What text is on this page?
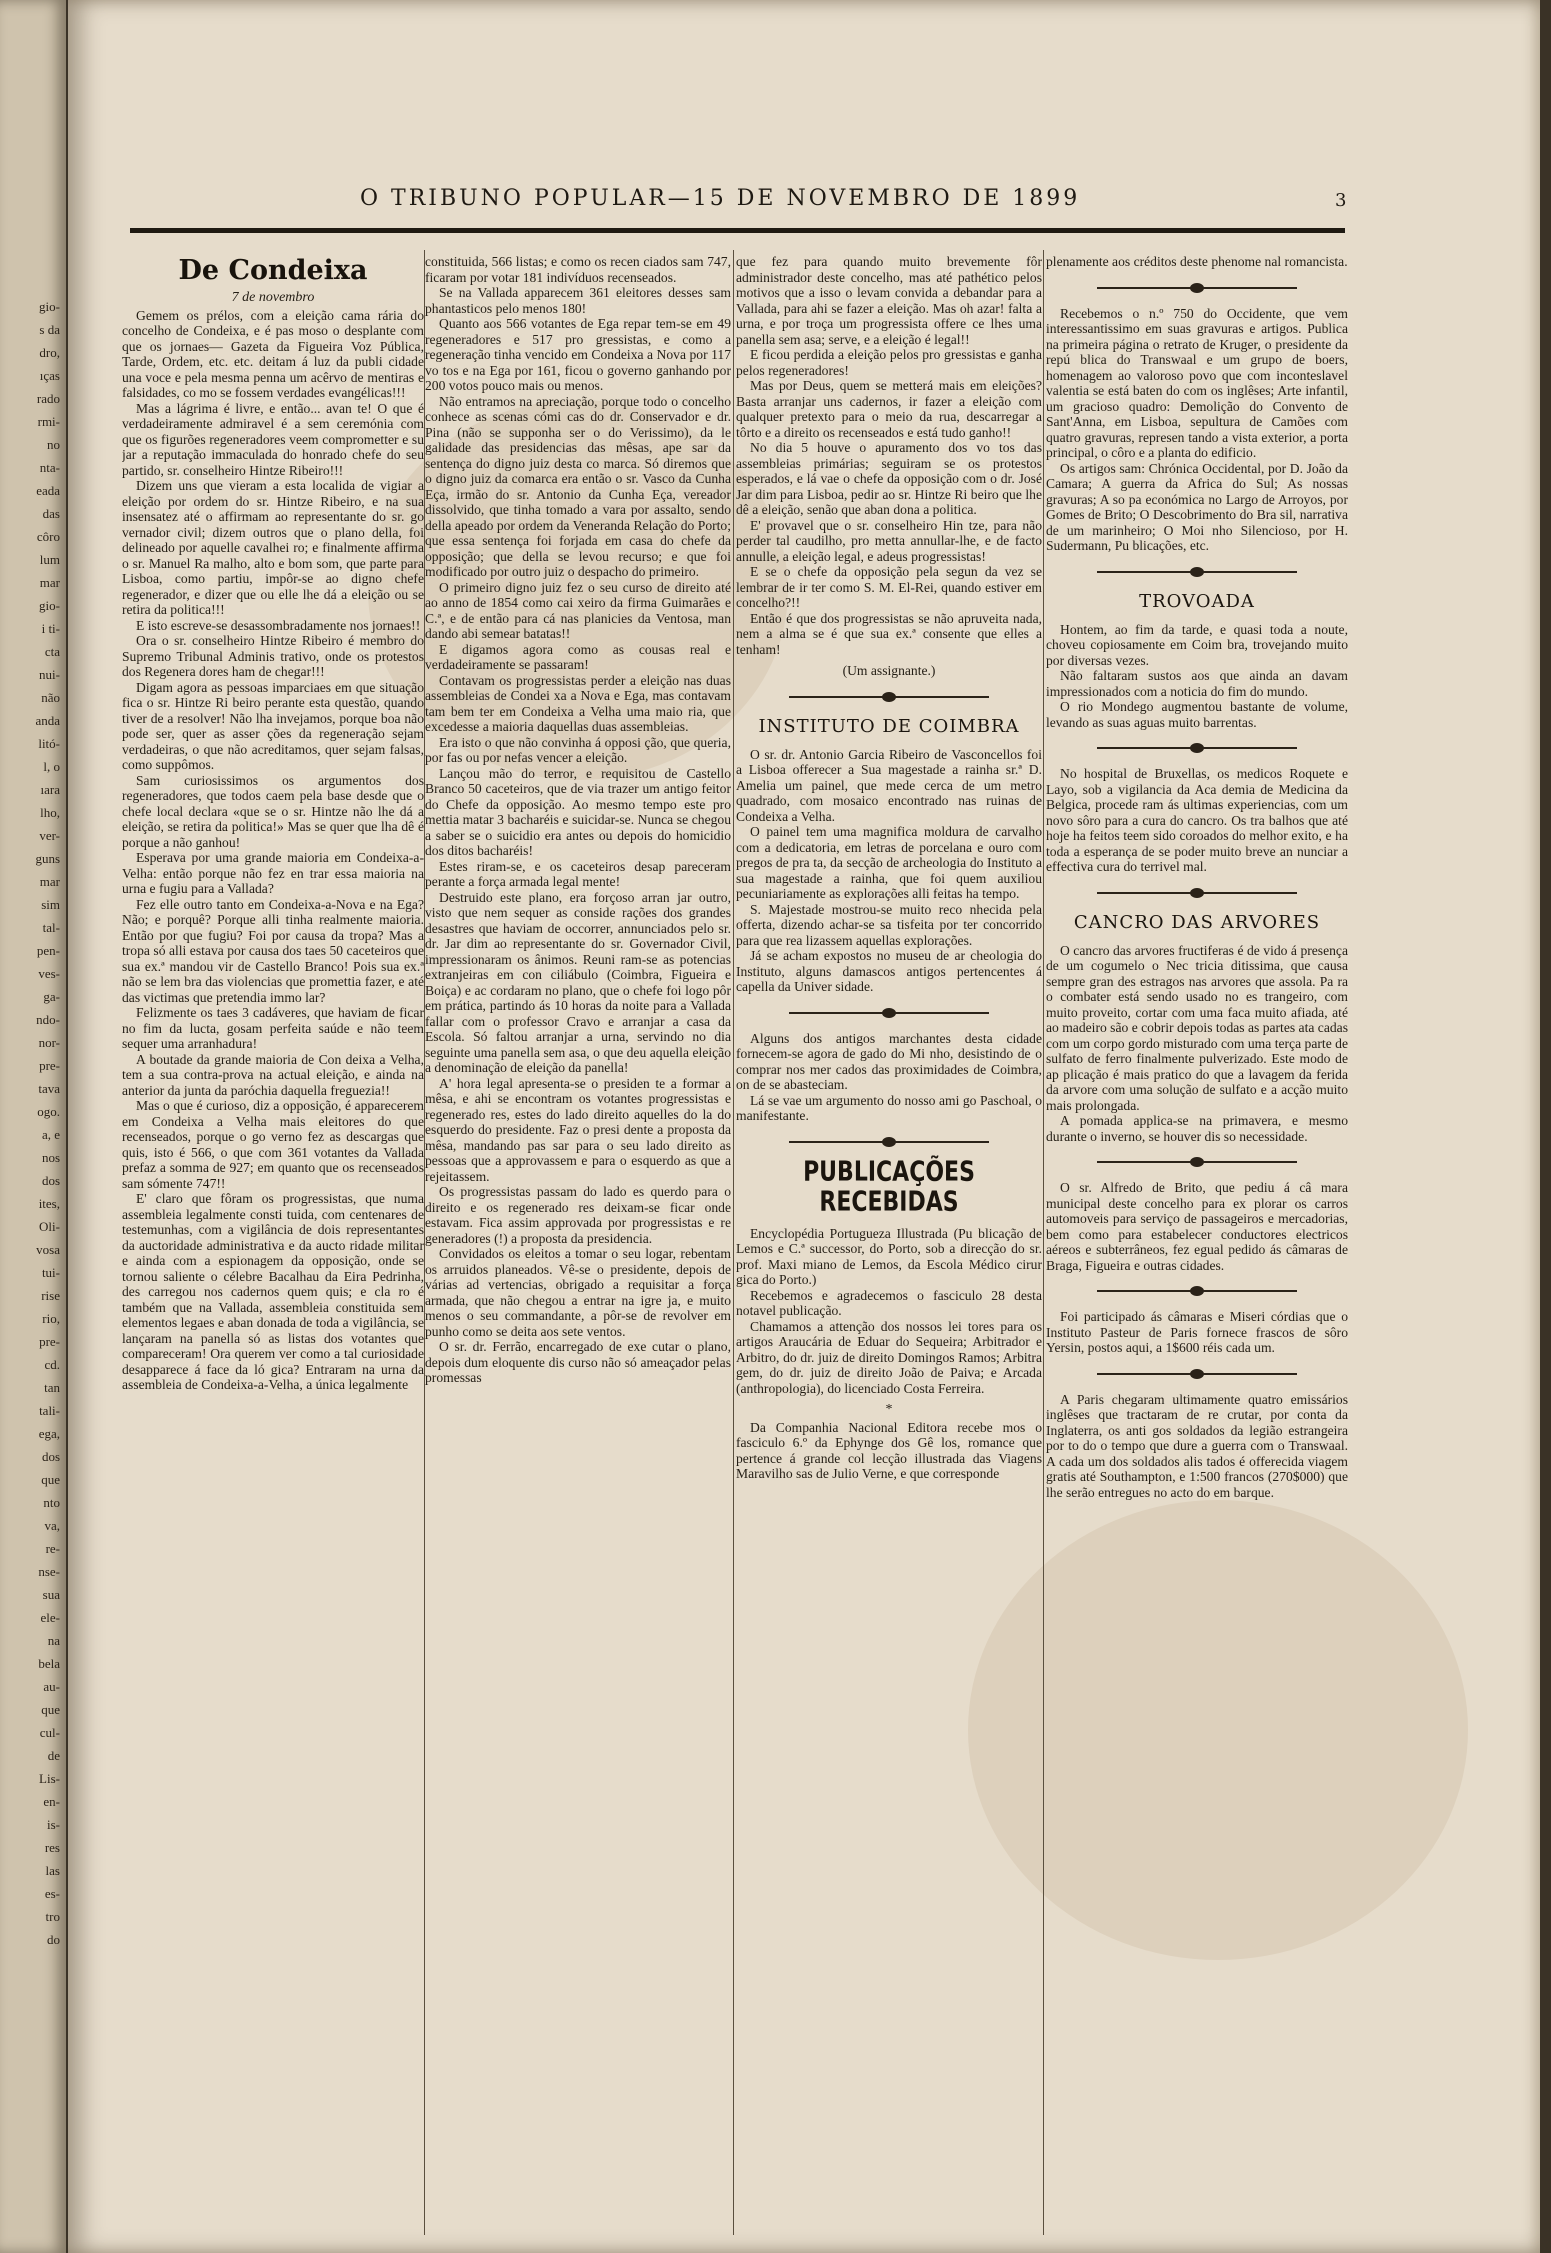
gio-
s da
dro,
ıças
rado
rmi-
no
nta-
eada
das
côro
lum
mar
gio-
i ti-
cta
nui-
não
anda
litó-
l, o
ıara
lho,
ver-
guns
mar
sim
tal-
pen-
ves-
ga-
ndo-
nor-
pre-
tava
ogo.
a, e
nos
dos
ites,
Oli-
vosa
tui-
rise
rio,
pre-
cd.
tan
tali-
ega,
dos
que
nto
va,
re-
nse-
sua
ele-
na
bela
au-
que
cul-
de
Lis-
en-
is-
res
las
es-
tro
do
O TRIBUNO POPULAR—15 DE NOVEMBRO DE 1899	3
De Condeixa
7 de novembro

Gemem os prélos, com a eleição cama rária do concelho de Condeixa, e é pas moso o desplante com que os jornaes— Gazeta da Figueira Voz Pública, Tarde, Ordem, etc. etc. deitam á luz da publi cidade una voce e pela mesma penna um acêrvo de mentiras e falsidades, co mo se fossem verdades evangélicas!!!

Mas a lágrima é livre, e então... avan te! O que é verdadeiramente admiravel é a sem ceremónia com que os figurões regeneradores veem comprometter e su jar a reputação immaculada do honrado chefe do seu partido, sr. conselheiro Hintze Ribeiro!!!

Dizem uns que vieram a esta localida de vigiar a eleição por ordem do sr. Hintze Ribeiro, e na sua insensatez até o affirmam ao representante do sr. go vernador civil; dizem outros que o plano della, foi delineado por aquelle cavalhei ro; e finalmente affirma o sr. Manuel Ra malho, alto e bom som, que parte para Lisboa, como partiu, impôr-se ao digno chefe regenerador, e dizer que ou elle lhe dá a eleição ou se retira da politica!!!

E isto escreve-se desassombradamente nos jornaes!!

Ora o sr. conselheiro Hintze Ribeiro é membro do Supremo Tribunal Adminis trativo, onde os protestos dos Regenera dores ham de chegar!!!

Digam agora as pessoas imparciaes em que situação fica o sr. Hintze Ri beiro perante esta questão, quando tiver de a resolver! Não lha invejamos, porque boa não pode ser, quer as asser ções da regeneração sejam verdadeiras, o que não acreditamos, quer sejam falsas, como suppômos.

Sam curiosissimos os argumentos dos regeneradores, que todos caem pela base desde que o chefe local declara «que se o sr. Hintze não lhe dá a eleição, se retira da politica!» Mas se quer que lha dê é porque a não ganhou!

Esperava por uma grande maioria em Condeixa-a-Velha: então porque não fez en trar essa maioria na urna e fugiu para a Vallada?

Fez elle outro tanto em Condeixa-a-Nova e na Ega? Não; e porquê? Porque alli tinha realmente maioria. Então por que fugiu? Foi por causa da tropa? Mas a tropa só alli estava por causa dos taes 50 caceteiros que sua ex.ª mandou vir de Castello Branco! Pois sua ex.ª não se lem bra das violencias que promettia fazer, e até das victimas que pretendia immo lar?

Felizmente os taes 3 cadáveres, que haviam de ficar no fim da lucta, gosam perfeita saúde e não teem sequer uma arranhadura!

A boutade da grande maioria de Con deixa a Velha, tem a sua contra-prova na actual eleição, e ainda na anterior da junta da paróchia daquella freguezia!!

Mas o que é curioso, diz a opposição, é apparecerem em Condeixa a Velha mais eleitores do que recenseados, porque o go verno fez as descargas que quis, isto é 566, o que com 361 votantes da Vallada prefaz a somma de 927; em quanto que os recenseados sam sómente 747!!

E' claro que fôram os progressistas, que numa assembleia legalmente consti tuida, com centenares de testemunhas, com a vigilância de dois representantes da auctoridade administrativa e da aucto ridade militar e ainda com a espionagem da opposição, onde se tornou saliente o célebre Bacalhau da Eira Pedrinha, des carregou nos cadernos quem quis; e cla ro é também que na Vallada, assembleia constituida sem elementos legaes e aban donada de toda a vigilância, se lançaram na panella só as listas dos votantes que compareceram! Ora querem ver como a tal curiosidade desapparece á face da ló gica? Entraram na urna da assembleia de Condeixa-a-Velha, a única legalmente

constituida, 566 listas; e como os recen ciados sam 747, ficaram por votar 181 indivíduos recenseados.

Se na Vallada apparecem 361 eleitores desses sam phantasticos pelo menos 180!

Quanto aos 566 votantes de Ega repar tem-se em 49 regeneradores e 517 pro gressistas, e como a regeneração tinha vencido em Condeixa a Nova por 117 vo tos e na Ega por 161, ficou o governo ganhando por 200 votos pouco mais ou menos.

Não entramos na apreciação, porque todo o concelho conhece as scenas cómi cas do dr. Conservador e dr. Pina (não se supponha ser o do Verissimo), da le galidade das presidencias das mêsas, ape sar da sentença do digno juiz desta co marca. Só diremos que o digno juiz da comarca era então o sr. Vasco da Cunha Eça, irmão do sr. Antonio da Cunha Eça, vereador dissolvido, que tinha tomado a vara por assalto, sendo della apeado por ordem da Veneranda Relação do Porto; que essa sentença foi forjada em casa do chefe da opposição; que della se levou recurso; e que foi modificado por outro juiz o despacho do primeiro.

O primeiro digno juiz fez o seu curso de direito até ao anno de 1854 como cai xeiro da firma Guimarães e C.ª, e de então para cá nas planicies da Ventosa, man dando abi semear batatas!!

E digamos agora como as cousas real e verdadeiramente se passaram!

Contavam os progressistas perder a eleição nas duas assembleias de Condei xa a Nova e Ega, mas contavam tam bem ter em Condeixa a Velha uma maio ria, que excedesse a maioria daquellas duas assembleias.

Era isto o que não convinha á opposi ção, que queria, por fas ou por nefas vencer a eleição.

Lançou mão do terror, e requisitou de Castello Branco 50 caceteiros, que de via trazer um antigo feitor do Chefe da opposição. Ao mesmo tempo este pro mettia matar 3 bacharéis e suicidar-se. Nunca se chegou a saber se o suicidio era antes ou depois do homicidio dos ditos bacharéis!

Estes riram-se, e os caceteiros desap pareceram perante a força armada legal mente!

Destruido este plano, era forçoso arran jar outro, visto que nem sequer as conside rações dos grandes desastres que haviam de occorrer, annunciados pelo sr. dr. Jar dim ao representante do sr. Governador Civil, impressionaram os ânimos. Reuni ram-se as potencias extranjeiras em con ciliábulo (Coimbra, Figueira e Boiça) e ac cordaram no plano, que o chefe foi logo pôr em prática, partindo ás 10 horas da noite para a Vallada fallar com o professor Cravo e arranjar a casa da Escola. Só faltou arranjar a urna, servindo no dia seguinte uma panella sem asa, o que deu aquella eleição a denominação de eleição da panella!

A' hora legal apresenta-se o presiden te a formar a mêsa, e ahi se encontram os votantes progressistas e regenerado res, estes do lado direito aquelles do la do esquerdo do presidente. Faz o presi dente a proposta da mêsa, mandando pas sar para o seu lado direito as pessoas que a approvassem e para o esquerdo as que a rejeitassem.

Os progressistas passam do lado es querdo para o direito e os regenerado res deixam-se ficar onde estavam. Fica assim approvada por progressistas e re generadores (!) a proposta da presidencia.

Convidados os eleitos a tomar o seu logar, rebentam os arruidos planeados. Vê-se o presidente, depois de várias ad vertencias, obrigado a requisitar a força armada, que não chegou a entrar na igre ja, e muito menos o seu commandante, a pôr-se de revolver em punho como se deita aos sete ventos.

O sr. dr. Ferrão, encarregado de exe cutar o plano, depois dum eloquente dis curso não só ameaçador pelas promessas

que fez para quando muito brevemente fôr administrador deste concelho, mas até pathético pelos motivos que a isso o levam convida a debandar para a Vallada, para ahi se fazer a eleição. Mas oh azar! falta a urna, e por troça um progressista offere ce lhes uma panella sem asa; serve, e a eleição é legal!!

E ficou perdida a eleição pelos pro gressistas e ganha pelos regeneradores!

Mas por Deus, quem se metterá mais em eleições? Basta arranjar uns cadernos, ir fazer a eleição com qualquer pretexto para o meio da rua, descarregar a tôrto e a direito os recenseados e está tudo ganho!!

No dia 5 houve o apuramento dos vo tos das assembleias primárias; seguiram se os protestos esperados, e lá vae o chefe da opposição com o dr. José Jar dim para Lisboa, pedir ao sr. Hintze Ri beiro que lhe dê a eleição, senão que aban dona a politica.

E' provavel que o sr. conselheiro Hin tze, para não perder tal caudilho, pro metta annullar-lhe, e de facto annulle, a eleição legal, e adeus progressistas!

E se o chefe da opposição pela segun da vez se lembrar de ir ter como S. M. El-Rei, quando estiver em concelho?!!

Então é que dos progressistas se não apruveita nada, nem a alma se é que sua ex.ª consente que elles a tenham!

(Um assignante.)
INSTITUTO DE COIMBRA

O sr. dr. Antonio Garcia Ribeiro de Vasconcellos foi a Lisboa offerecer a Sua magestade a rainha sr.ª D. Amelia um painel, que mede cerca de um metro quadrado, com mosaico encontrado nas ruinas de Condeixa a Velha.

O painel tem uma magnifica moldura de carvalho com a dedicatoria, em letras de porcelana e ouro com pregos de pra ta, da secção de archeologia do Instituto a sua magestade a rainha, que foi quem auxiliou pecuniariamente as explorações alli feitas ha tempo.

S. Majestade mostrou-se muito reco nhecida pela offerta, dizendo achar-se sa tisfeita por ter concorrido para que rea lizassem aquellas explorações.

Já se acham expostos no museu de ar cheologia do Instituto, alguns damascos antigos pertencentes á capella da Univer sidade.

Alguns dos antigos marchantes desta cidade fornecem-se agora de gado do Mi nho, desistindo de o comprar nos mer cados das proximidades de Coimbra, on de se abasteciam.

Lá se vae um argumento do nosso ami go Paschoal, o manifestante.

PUBLICAÇÕES RECEBIDAS

Encyclopédia Portugueza Illustrada (Pu blicação de Lemos e C.ª successor, do Porto, sob a direcção do sr. prof. Maxi miano de Lemos, da Escola Médico cirur gica do Porto.)

Recebemos e agradecemos o fasciculo 28 desta notavel publicação.

Chamamos a attenção dos nossos lei tores para os artigos Araucária de Eduar do Sequeira; Arbitrador e Arbitro, do dr. juiz de direito Domingos Ramos; Arbitra gem, do dr. juiz de direito João de Paiva; e Arcada (anthropologia), do licenciado Costa Ferreira.

*

Da Companhia Nacional Editora recebe mos o fasciculo 6.º da Ephynge dos Gê los, romance que pertence á grande col lecção illustrada das Viagens Maravilho sas de Julio Verne, e que corresponde

plenamente aos créditos deste phenome nal romancista.

Recebemos o n.º 750 do Occidente, que vem interessantissimo em suas gravuras e artigos. Publica na primeira página o retrato de Kruger, o presidente da repú blica do Transwaal e um grupo de boers, homenagem ao valoroso povo que com inconteslavel valentia se está baten do com os inglêses; Arte infantil, um gracioso quadro: Demolição do Convento de Sant'Anna, em Lisboa, sepultura de Camões com quatro gravuras, represen tando a vista exterior, a porta principal, o côro e a planta do edificio.

Os artigos sam: Chrónica Occidental, por D. João da Camara; A guerra da Africa do Sul; As nossas gravuras; A so pa económica no Largo de Arroyos, por Gomes de Brito; O Descobrimento do Bra sil, narrativa de um marinheiro; O Moi nho Silencioso, por H. Sudermann, Pu blicações, etc.

TROVOADA

Hontem, ao fim da tarde, e quasi toda a noute, choveu copiosamente em Coim bra, trovejando muito por diversas vezes.

Não faltaram sustos aos que ainda an davam impressionados com a noticia do fim do mundo.

O rio Mondego augmentou bastante de volume, levando as suas aguas muito barrentas.

No hospital de Bruxellas, os medicos Roquete e Layo, sob a vigilancia da Aca demia de Medicina da Belgica, procede ram ás ultimas experiencias, com um novo sôro para a cura do cancro. Os tra balhos que até hoje ha feitos teem sido coroados do melhor exito, e ha toda a esperança de se poder muito breve an nunciar a effectiva cura do terrivel mal.

CANCRO DAS ARVORES

O cancro das arvores fructiferas é de vido á presença de um cogumelo o Nec tricia ditissima, que causa sempre gran des estragos nas arvores que assola. Pa ra o combater está sendo usado no es trangeiro, com muito proveito, cortar com uma faca muito afiada, até ao madeiro são e cobrir depois todas as partes ata cadas com um corpo gordo misturado com uma terça parte de sulfato de ferro finalmente pulverizado. Este modo de ap plicação é mais pratico do que a lavagem da ferida da arvore com uma solução de sulfato e a acção muito mais prolongada.

A pomada applica-se na primavera, e mesmo durante o inverno, se houver dis so necessidade.

O sr. Alfredo de Brito, que pediu á câ mara municipal deste concelho para ex plorar os carros automoveis para serviço de passageiros e mercadorias, bem como para estabelecer conductores electricos aéreos e subterrâneos, fez egual pedido ás câmaras de Braga, Figueira e outras cidades.

Foi participado ás câmaras e Miseri córdias que o Instituto Pasteur de Paris fornece frascos de sôro Yersin, postos aqui, a 1$600 réis cada um.

A Paris chegaram ultimamente quatro emissários inglêses que tractaram de re crutar, por conta da Inglaterra, os anti gos soldados da legião estrangeira por to do o tempo que dure a guerra com o Transwaal. A cada um dos soldados alis tados é offerecida viagem gratis até Southampton, e 1:500 francos (270$000) que lhe serão entregues no acto do em barque.
